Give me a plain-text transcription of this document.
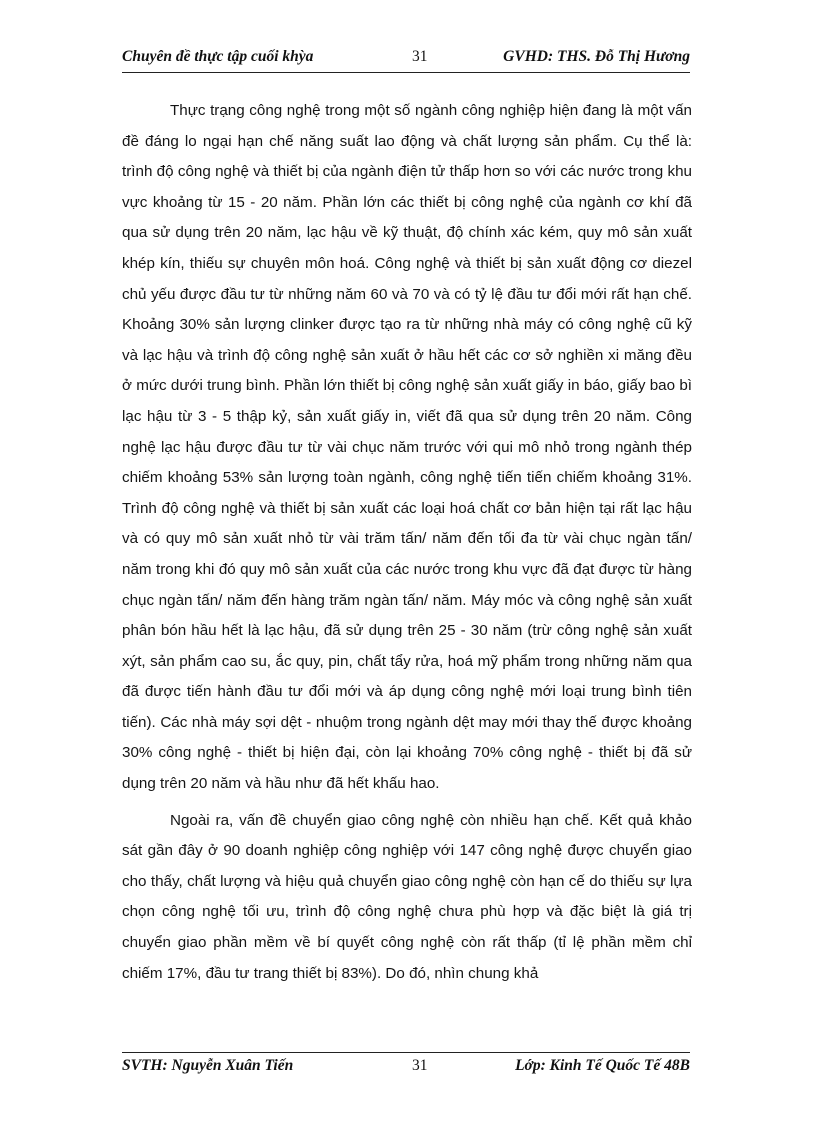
Chuyên đề thực tập cuối khỳa	31	GVHD: THS. Đỗ Thị Hương

Thực trạng công nghệ trong một số ngành công nghiệp hiện đang là một vấn đề đáng lo ngại hạn chế năng suất lao động và chất lượng sản phẩm. Cụ thể là: trình độ công nghệ và thiết bị của ngành điện tử thấp hơn so với các nước trong khu vực khoảng từ 15 - 20 năm. Phần lớn các thiết bị công nghệ của ngành cơ khí đã qua sử dụng trên 20 năm, lạc hậu về kỹ thuật, độ chính xác kém, quy mô sản xuất khép kín, thiếu sự chuyên môn hoá. Công nghệ và thiết bị sản xuất động cơ diezel chủ yếu được đầu tư từ những năm 60 và 70 và có tỷ lệ đầu tư đổi mới rất hạn chế. Khoảng 30% sản lượng clinker được tạo ra từ những nhà máy có công nghệ cũ kỹ và lạc hậu và trình độ công nghệ sản xuất ở hầu hết các cơ sở nghiền xi măng đều ở mức dưới trung bình. Phần lớn thiết bị công nghệ sản xuất giấy in báo, giấy bao bì lạc hậu từ 3 - 5 thập kỷ, sản xuất giấy in, viết đã qua sử dụng trên 20 năm. Công nghệ lạc hậu được đầu tư từ vài chục năm trước với qui mô nhỏ trong ngành thép chiếm khoảng 53% sản lượng toàn ngành, công nghệ tiến tiến chiếm khoảng 31%. Trình độ công nghệ và thiết bị sản xuất các loại hoá chất cơ bản hiện tại rất lạc hậu và có quy mô sản xuất nhỏ từ vài trăm tấn/ năm đến tối đa từ vài chục ngàn tấn/ năm trong khi đó quy mô sản xuất của các nước trong khu vực đã đạt được từ hàng chục ngàn tấn/ năm đến hàng trăm ngàn tấn/ năm. Máy móc và công nghệ sản xuất phân bón hầu hết là lạc hậu, đã sử dụng trên 25 - 30 năm (trừ công nghệ sản xuất xýt, sản phẩm cao su, ắc quy, pin, chất tẩy rửa, hoá mỹ phẩm trong những năm qua đã được tiến hành đầu tư đổi mới và áp dụng công nghệ mới loại trung bình tiên tiến). Các nhà máy sợi dệt - nhuộm trong ngành dệt may mới thay thế được khoảng 30% công nghệ - thiết bị hiện đại, còn lại khoảng 70% công nghệ - thiết bị đã sử dụng trên 20 năm và hầu như đã hết khấu hao.

Ngoài ra, vấn đề chuyển giao công nghệ còn nhiều hạn chế. Kết quả khảo sát gần đây ở 90 doanh nghiệp công nghiệp với 147 công nghệ được chuyển giao cho thấy, chất lượng và hiệu quả chuyển giao công nghệ còn hạn cế do thiếu sự lựa chọn công nghệ tối ưu, trình độ công nghệ chưa phù hợp và đặc biệt là giá trị chuyển giao phần mềm về bí quyết công nghệ còn rất thấp (tỉ lệ phần mềm chỉ chiếm 17%, đầu tư trang thiết bị 83%). Do đó, nhìn chung khả

SVTH: Nguyễn Xuân Tiến	31	Lớp: Kinh Tế Quốc Tế 48B
